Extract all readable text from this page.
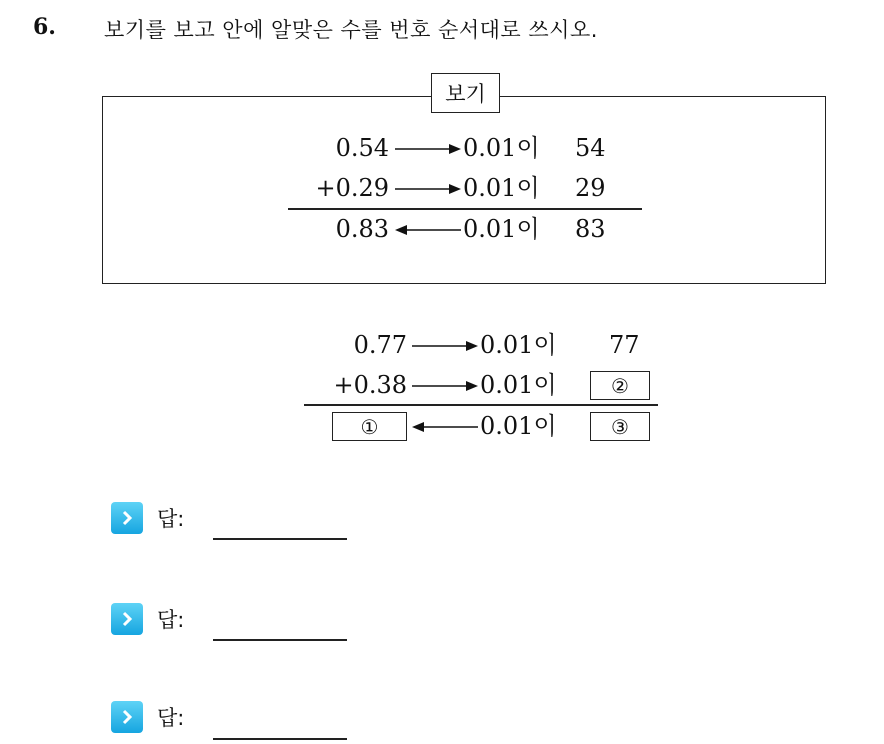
6. 보기를 보고 안에 알맞은 수를 번호 순서대로 쓰시오.
보기
0.54	0.01이 54
+0.29	0.01이 29
0.83	0.01이 83
0.77	0.01이 77
+0.38	0.01이	②
①	0.01이	③
답:
답:
답:
